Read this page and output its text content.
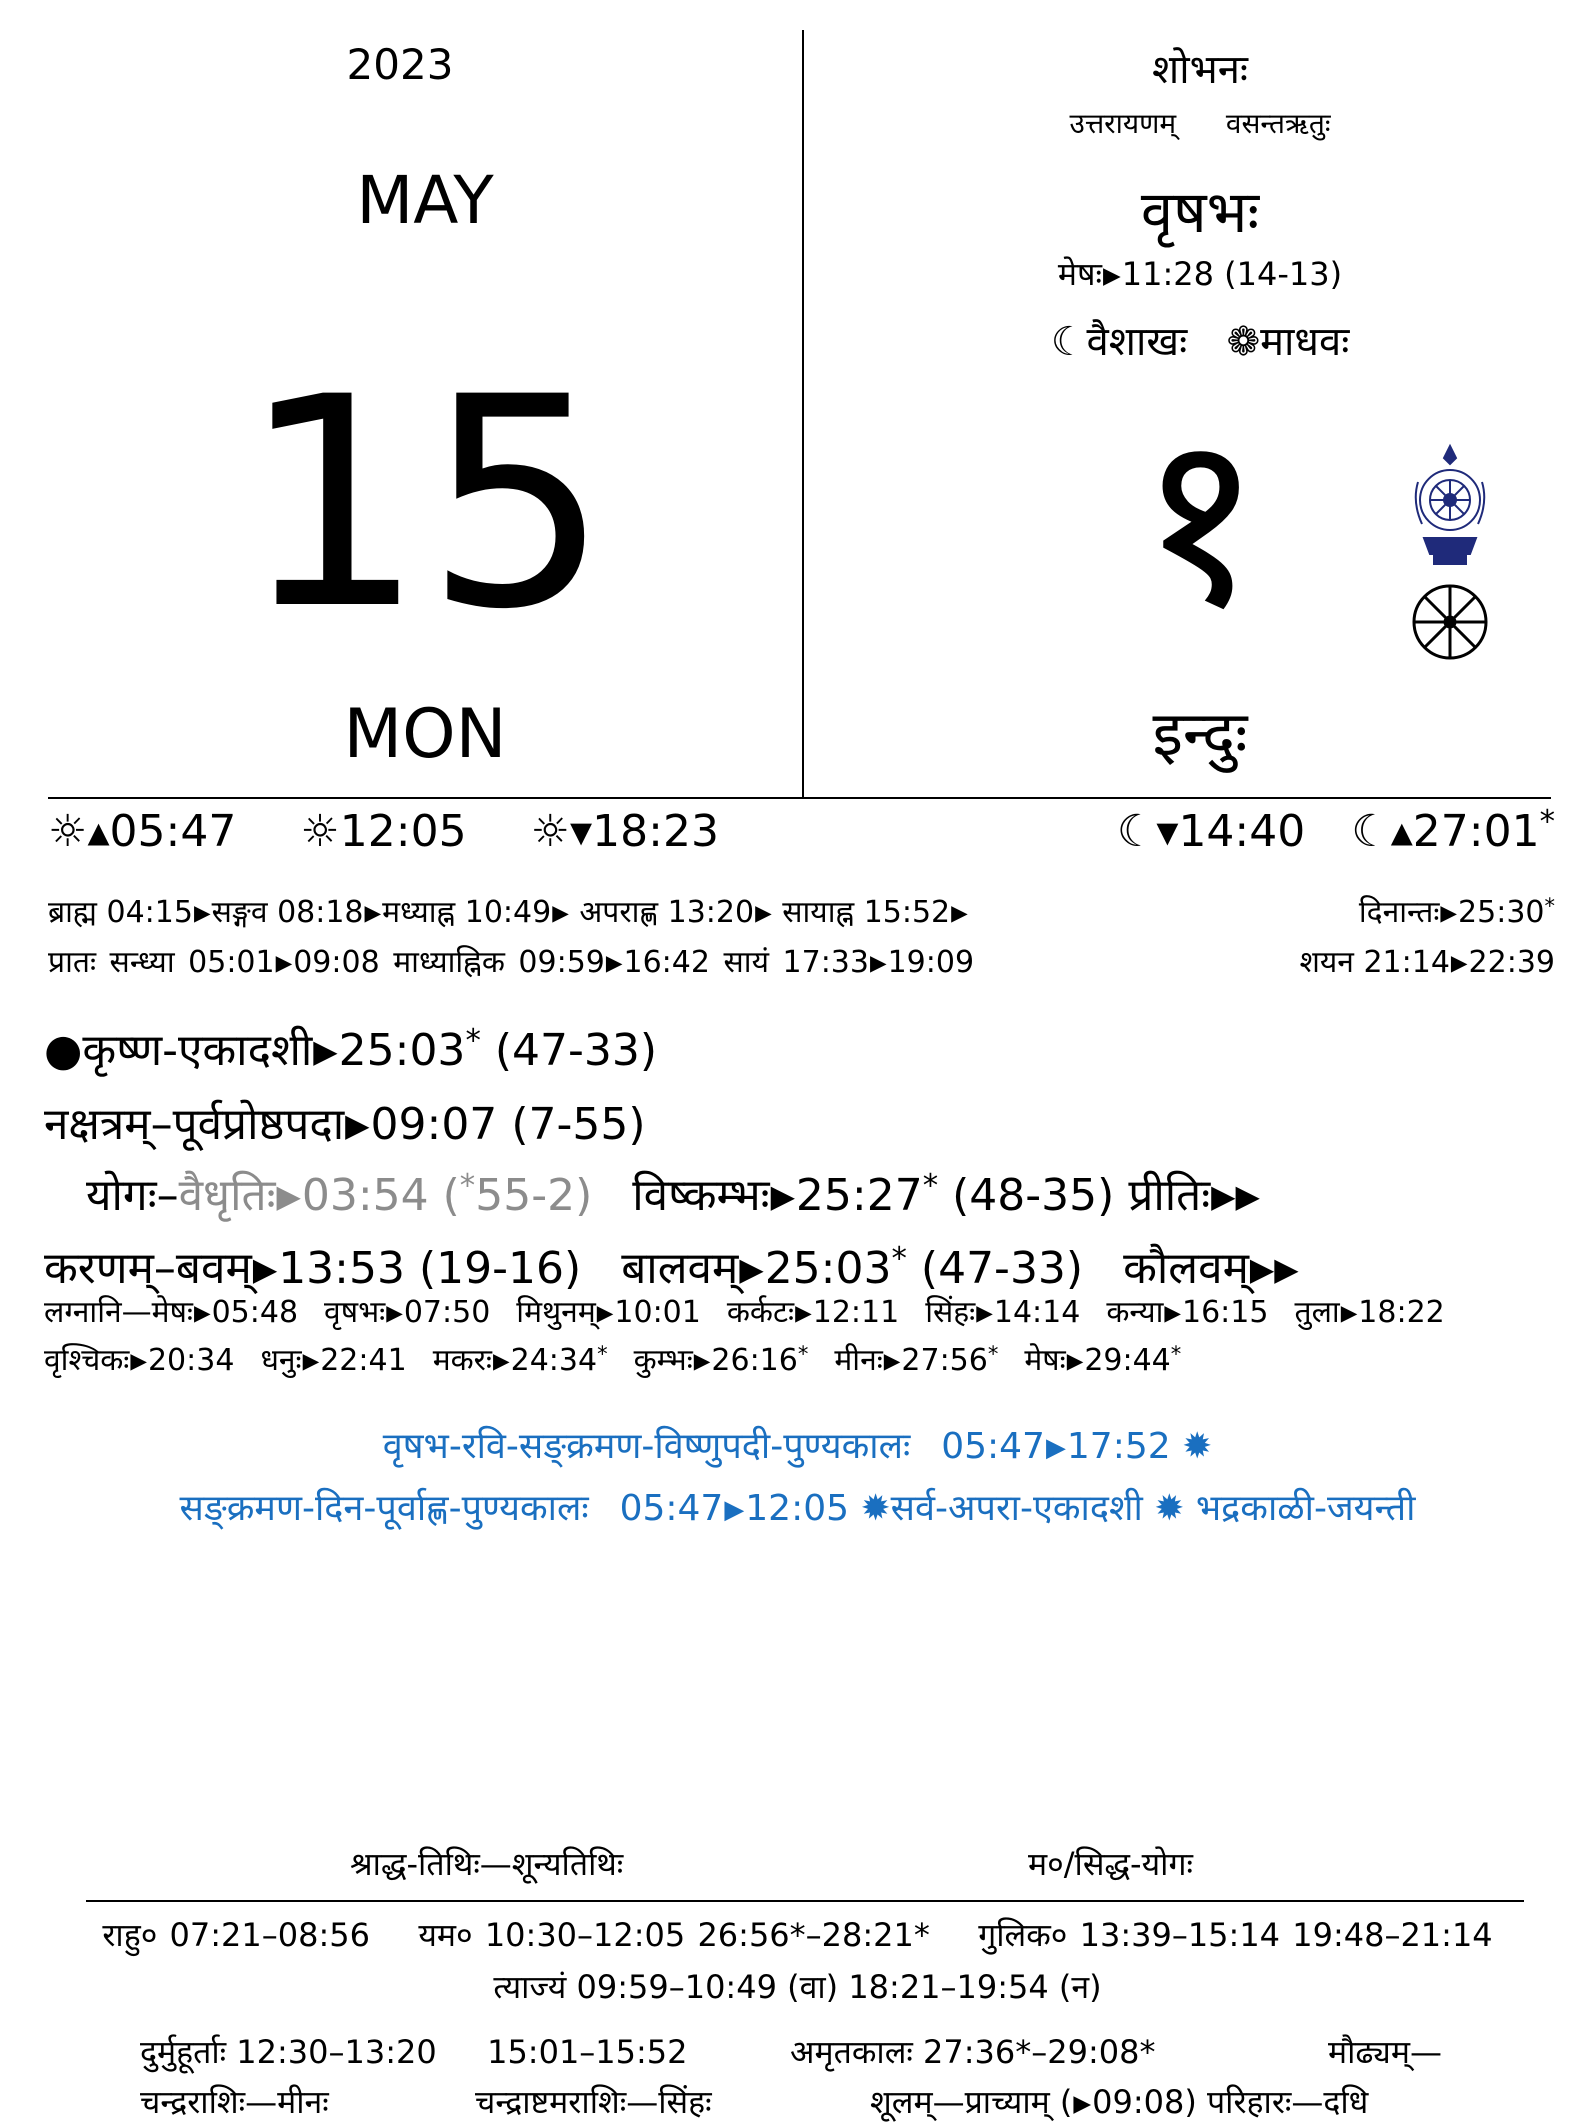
2023
MAY
15
MON
शोभनः
उत्तरायणम् वसन्तऋतुः
वृषभः
मेषः▶11:28 (14-13)
☾वैशाखः ❁माधवः
१
इन्दुः
☼▴05:47 ☼12:05 ☼▾18:23	☾▾14:40 ☾▴27:01*
ब्राह्म 04:15▶सङ्गव 08:18▶मध्याह्न 10:49▶ अपराह्ण 13:20▶ सायाह्न 15:52▶	दिनान्तः▶25:30*
प्रातः सन्ध्या 05:01▶09:08 माध्याह्निक 09:59▶16:42 सायं 17:33▶19:09	शयन 21:14▶22:39
●कृष्ण-एकादशी▶25:03* (47-33)
नक्षत्रम्–पूर्वप्रोष्ठपदा▶09:07 (7-55)
योगः–वैधृतिः▶03:54 (*55-2) विष्कम्भः▶25:27* (48-35) प्रीतिः▶▶
करणम्–बवम्▶13:53 (19-16) बालवम्▶25:03* (47-33) कौलवम्▶▶
लग्नानि—मेषः▶05:48 वृषभः▶07:50 मिथुनम्▶10:01 कर्कटः▶12:11 सिंहः▶14:14 कन्या▶16:15 तुला▶18:22
वृश्चिकः▶20:34 धनुः▶22:41 मकरः▶24:34* कुम्भः▶26:16* मीनः▶27:56* मेषः▶29:44*
वृषभ-रवि-सङ्क्रमण-विष्णुपदी-पुण्यकालः 05:47▶17:52 ✹
सङ्क्रमण-दिन-पूर्वाह्ण-पुण्यकालः 05:47▶12:05 ✹सर्व-अपरा-एकादशी ✹ भद्रकाळी-जयन्ती
श्राद्ध-तिथिः—शून्यतिथिः	म०/सिद्ध-योगः
राहु० 07:21–08:56 यम० 10:30–12:05 26:56*–28:21* गुलिक० 13:39–15:14 19:48–21:14
त्याज्यं 09:59–10:49 (वा) 18:21–19:54 (न)
दुर्मुहूर्ताः 12:30–13:20 15:01–15:52	अमृतकालः 27:36*–29:08*	मौढ्यम्—
चन्द्रराशिः—मीनः	चन्द्राष्टमराशिः—सिंहः	शूलम्—प्राच्याम् (▶09:08) परिहारः—दधि
